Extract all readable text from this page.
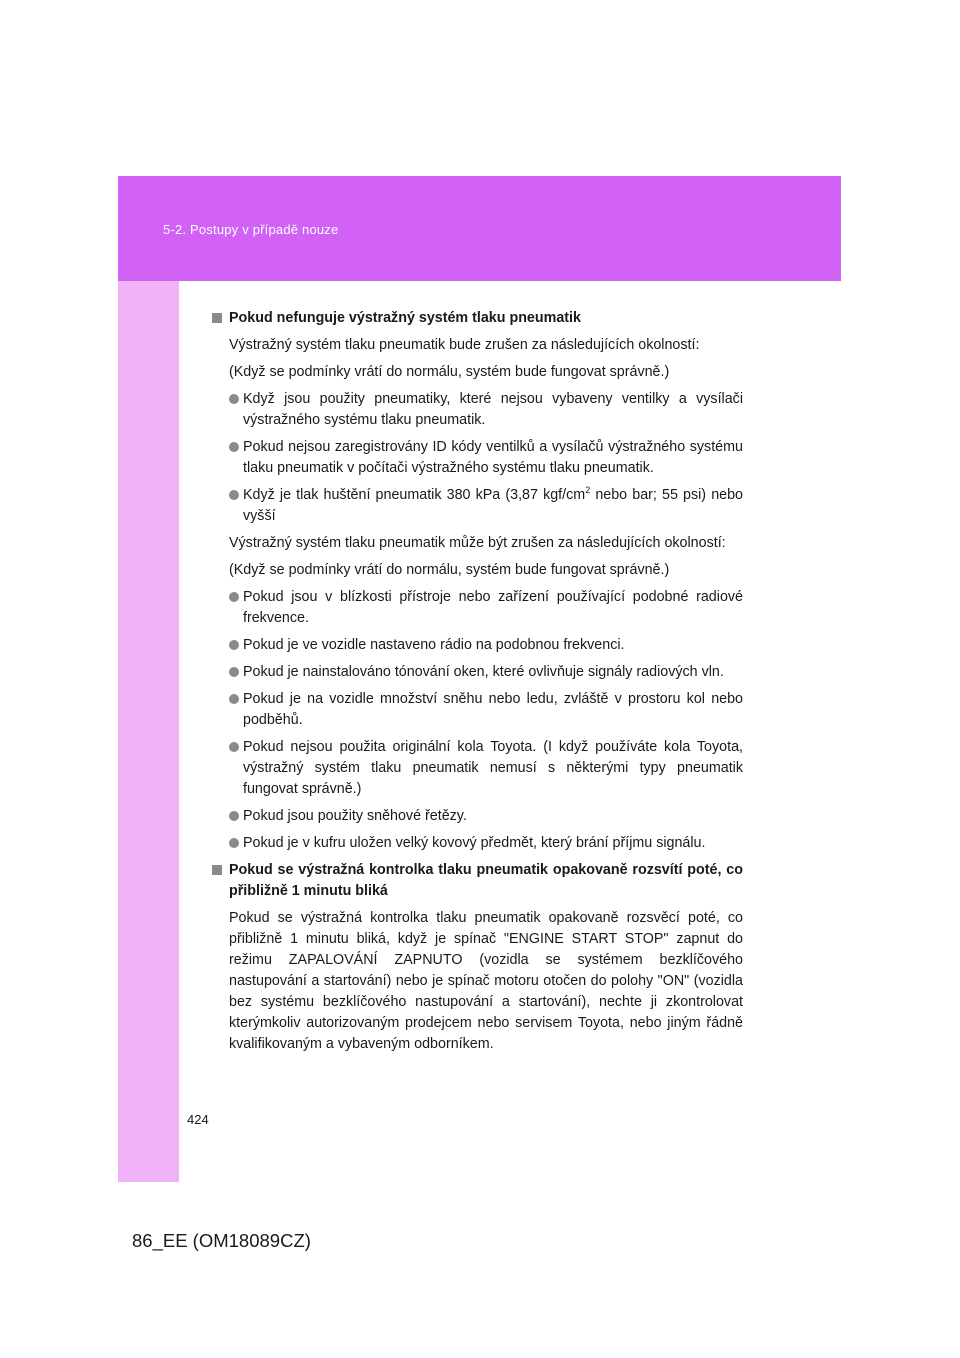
5-2. Postupy v případě nouze
Pokud nefunguje výstražný systém tlaku pneumatik
Výstražný systém tlaku pneumatik bude zrušen za následujících okolností:
(Když se podmínky vrátí do normálu, systém bude fungovat správně.)
Když jsou použity pneumatiky, které nejsou vybaveny ventilky a vysílači výstražného systému tlaku pneumatik.
Pokud nejsou zaregistrovány ID kódy ventilků a vysílačů výstražného systému tlaku pneumatik v počítači výstražného systému tlaku pneumatik.
Když je tlak huštění pneumatik 380 kPa (3,87 kgf/$cm^2$ nebo bar; 55 psi) nebo vyšší
Výstražný systém tlaku pneumatik může být zrušen za následujících okolností:
(Když se podmínky vrátí do normálu, systém bude fungovat správně.)
Pokud jsou v blízkosti přístroje nebo zařízení používající podobné radiové frekvence.
Pokud je ve vozidle nastaveno rádio na podobnou frekvenci.
Pokud je nainstalováno tónování oken, které ovlivňuje signály radiových vln.
Pokud je na vozidle množství sněhu nebo ledu, zvláště v prostoru kol nebo podběhů.
Pokud nejsou použita originální kola Toyota. (I když používáte kola Toyota, výstražný systém tlaku pneumatik nemusí s některými typy pneumatik fungovat správně.)
Pokud jsou použity sněhové řetězy.
Pokud je v kufru uložen velký kovový předmět, který brání příjmu signálu.
Pokud se výstražná kontrolka tlaku pneumatik opakovaně rozsvítí poté, co přibližně 1 minutu bliká
Pokud se výstražná kontrolka tlaku pneumatik opakovaně rozsvěcí poté, co přibližně 1 minutu bliká, když je spínač "ENGINE START STOP" zapnut do režimu ZAPALOVÁNÍ ZAPNUTO (vozidla se systémem bezklíčového nastupování a startování) nebo je spínač motoru otočen do polohy "ON" (vozidla bez systému bezklíčového nastupování a startování), nechte ji zkontrolovat kterýmkoliv autorizovaným prodejcem nebo servisem Toyota, nebo jiným řádně kvalifikovaným a vybaveným odborníkem.
424
86_EE (OM18089CZ)
